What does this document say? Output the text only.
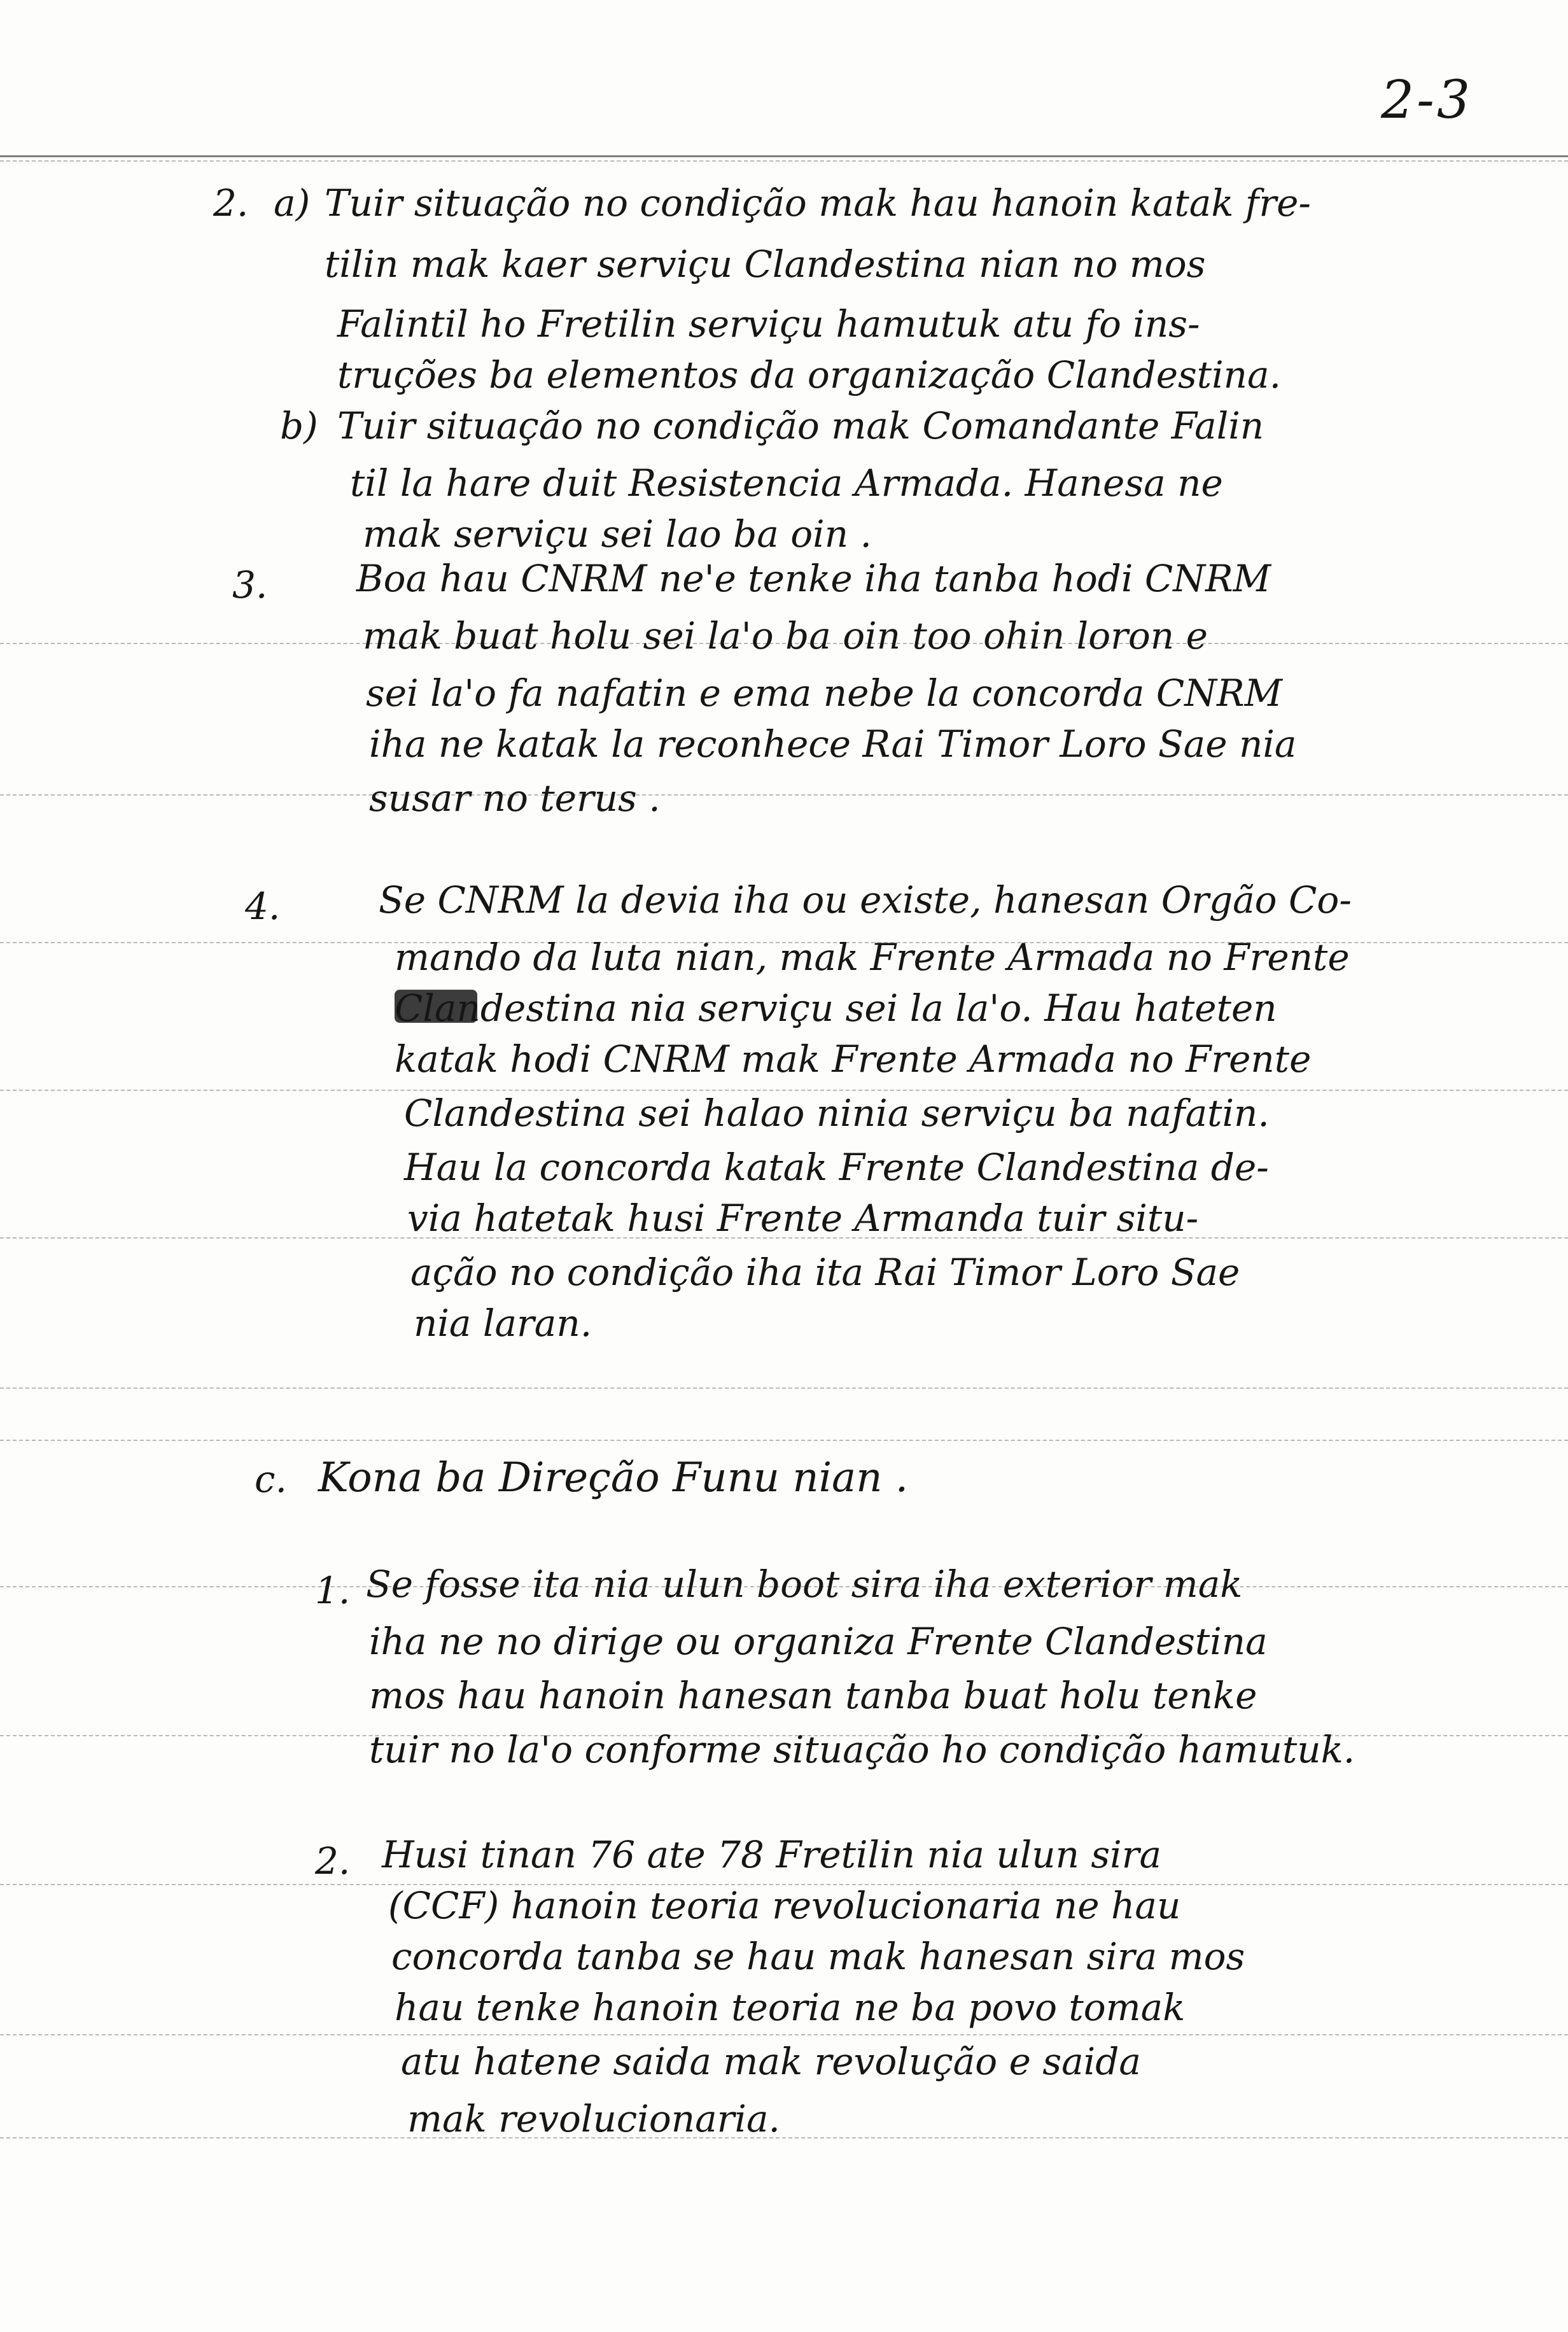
2-3
2. a) Tuir situação no condição mak hau hanoin katak fre-
tilin mak kaer serviçu Clandestina nian no mos
Falintil ho Fretilin serviçu hamutuk atu fo ins-
truções ba elementos da organização Clandestina.
b) Tuir situação no condição mak Comandante Falin
til la hare duit Resistencia Armada. Hanesa ne
mak serviçu sei lao ba oin .
3. Boa hau CNRM ne'e tenke iha tanba hodi CNRM
mak buat holu sei la'o ba oin too ohin loron e
sei la'o fa nafatin e ema nebe la concorda CNRM
iha ne katak la reconhece Rai Timor Loro Sae nia
susar no terus .
4.	Se CNRM la devia iha ou existe, hanesan Orgão Co-
mando da luta nian, mak Frente Armada no Frente
Clandestina nia serviçu sei la la'o. Hau hateten
katak hodi CNRM mak Frente Armada no Frente
Clandestina sei halao ninia serviçu ba nafatin.
Hau la concorda katak Frente Clandestina de-
via hatetak husi Frente Armanda tuir situ-
ação no condição iha ita Rai Timor Loro Sae
nia laran.
c. Kona ba Direção Funu nian .
1. Se fosse ita nia ulun boot sira iha exterior mak
iha ne no dirige ou organiza Frente Clandestina
mos hau hanoin hanesan tanba buat holu tenke
tuir no la'o conforme situação ho condição hamutuk.
2. Husi tinan 76 ate 78 Fretilin nia ulun sira
(CCF) hanoin teoria revolucionaria ne hau
concorda tanba se hau mak hanesan sira mos
hau tenke hanoin teoria ne ba povo tomak
atu hatene saida mak revolução e saida
mak revolucionaria.
